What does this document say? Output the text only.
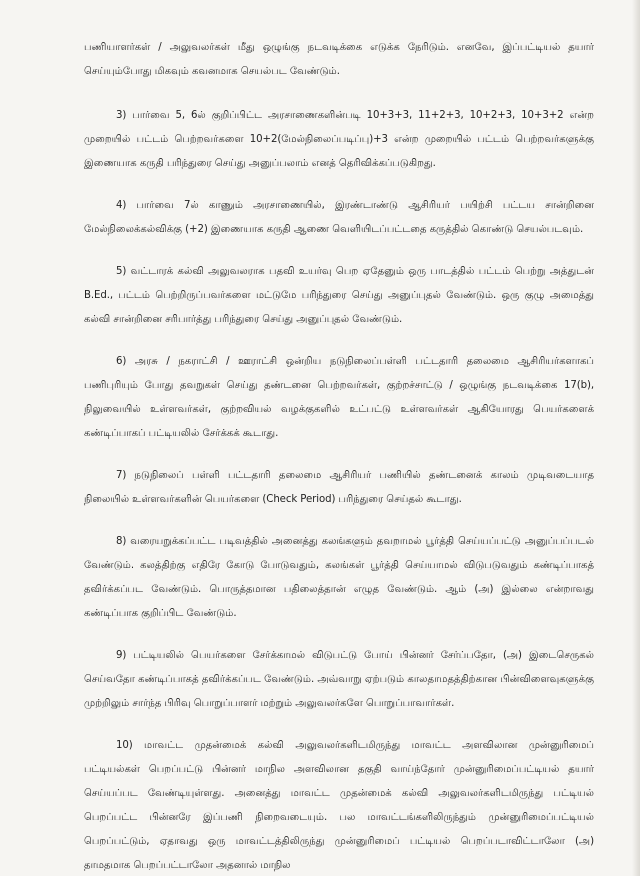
பணியாளர்கள் / அலுவலர்கள் மீது ஒழுங்கு நடவடிக்கை எடுக்க நேரிடும். எனவே, இப்பட்டியல் தயார் செய்யும்போது மிகவும் கவனமாக செயல்பட வேண்டும்.

3) பார்வை 5, 6ல் குறிப்பிட்ட அரசாணைகளின்படி 10+3+3, 11+2+3, 10+2+3, 10+3+2 என்ற முறையில் பட்டம் பெற்றவர்களை 10+2(மேல்நிலைப்படிப்பு)+3 என்ற முறையில் பட்டம் பெற்றவர்களுக்கு இணையாக கருதி பரிந்துரை செய்து அனுப்பலாம் எனத் தெரிவிக்கப்படுகிறது.

4) பார்வை 7ல் காணும் அரசாணையில், இரண்டாண்டு ஆசிரியர் பயிற்சி பட்டய சான்றினை மேல்நிலைக்கல்விக்கு (+2) இணையாக கருதி ஆணை வெளியிடப்பட்டதை கருத்தில் கொண்டு செயல்படவும்.

5) வட்டாரக் கல்வி அலுவலராக பதவி உயர்வு பெற ஏதேனும் ஒரு பாடத்தில் பட்டம் பெற்று அத்துடன் B.Ed., பட்டம் பெற்றிருப்பவர்களை மட்டுமே பரிந்துரை செய்து அனுப்புதல் வேண்டும். ஒரு குழு அமைத்து கல்வி சான்றினை சரிபார்த்து பரிந்துரை செய்து அனுப்புதல் வேண்டும்.

6) அரசு / நகராட்சி / ஊராட்சி ஒன்றிய நடுநிலைப்பள்ளி பட்டதாரி தலைமை ஆசிரியர்களாகப் பணிபுரியும் போது தவறுகள் செய்து தண்டனை பெற்றவர்கள், குற்றச்சாட்டு / ஒழுங்கு நடவடிக்கை 17(b), நிலுவையில் உள்ளவர்கள், குற்றவியல் வழக்குகளில் உட்பட்டு உள்ளவர்கள் ஆகியோரது பெயர்களைக் கண்டிப்பாகப் பட்டியலில் சேர்க்கக் கூடாது.

7) நடுநிலைப் பள்ளி பட்டதாரி தலைமை ஆசிரியர் பணியில் தண்டனைக் காலம் முடிவடையாத நிலையில் உள்ளவர்களின் பெயர்களை (Check Period) பரிந்துரை செய்தல் கூடாது.

8) வரையறுக்கப்பட்ட படிவத்தில் அனைத்து கலங்களும் தவறாமல் பூர்த்தி செய்யப்பட்டு அனுப்பப்படல் வேண்டும். கலத்திற்கு எதிரே கோடு போடுவதும், கலங்கள் பூர்த்தி செய்யாமல் விடுபடுவதும் கண்டிப்பாகத் தவிர்க்கப்பட வேண்டும். பொருத்தமான பதிலைத்தான் எழுத வேண்டும். ஆம் (அ) இல்லை என்றாவது கண்டிப்பாக குறிப்பிட வேண்டும்.

9) பட்டியலில் பெயர்களை சேர்க்காமல் விடுபட்டு போய் பின்னர் சேர்ப்பதோ, (அ) இடைசெருகல் செய்வதோ கண்டிப்பாகத் தவிர்க்கப்பட வேண்டும். அவ்வாறு ஏற்படும் காலதாமதத்திற்கான பின்விளைவுகளுக்கு முற்றிலும் சார்ந்த பிரிவு பொறுப்பாளர் மற்றும் அலுவலர்களே பொறுப்பாவார்கள்.

10) மாவட்ட முதன்மைக் கல்வி அலுவலர்களிடமிருந்து மாவட்ட அளவிலான முன்னுரிமைப் பட்டியல்கள் பெறப்பட்டு பின்னர் மாநில அளவிலான தகுதி வாய்ந்தோர் முன்னுரிமைப்பட்டியல் தயார் செய்யப்பட வேண்டியுள்ளது. அனைத்து மாவட்ட முதன்மைக் கல்வி அலுவலர்களிடமிருந்து பட்டியல் பெறப்பட்ட பின்னரே இப்பணி நிறைவடையும். பல மாவட்டங்களிலிருந்தும் முன்னுரிமைப்பட்டியல் பெறப்பட்டும், ஏதாவது ஒரு மாவட்டத்திலிருந்து முன்னுரிமைப் பட்டியல் பெறப்படாவிட்டாலோ (அ) தாமதமாக பெறப்பட்டாலோ அதனால் மாநில
